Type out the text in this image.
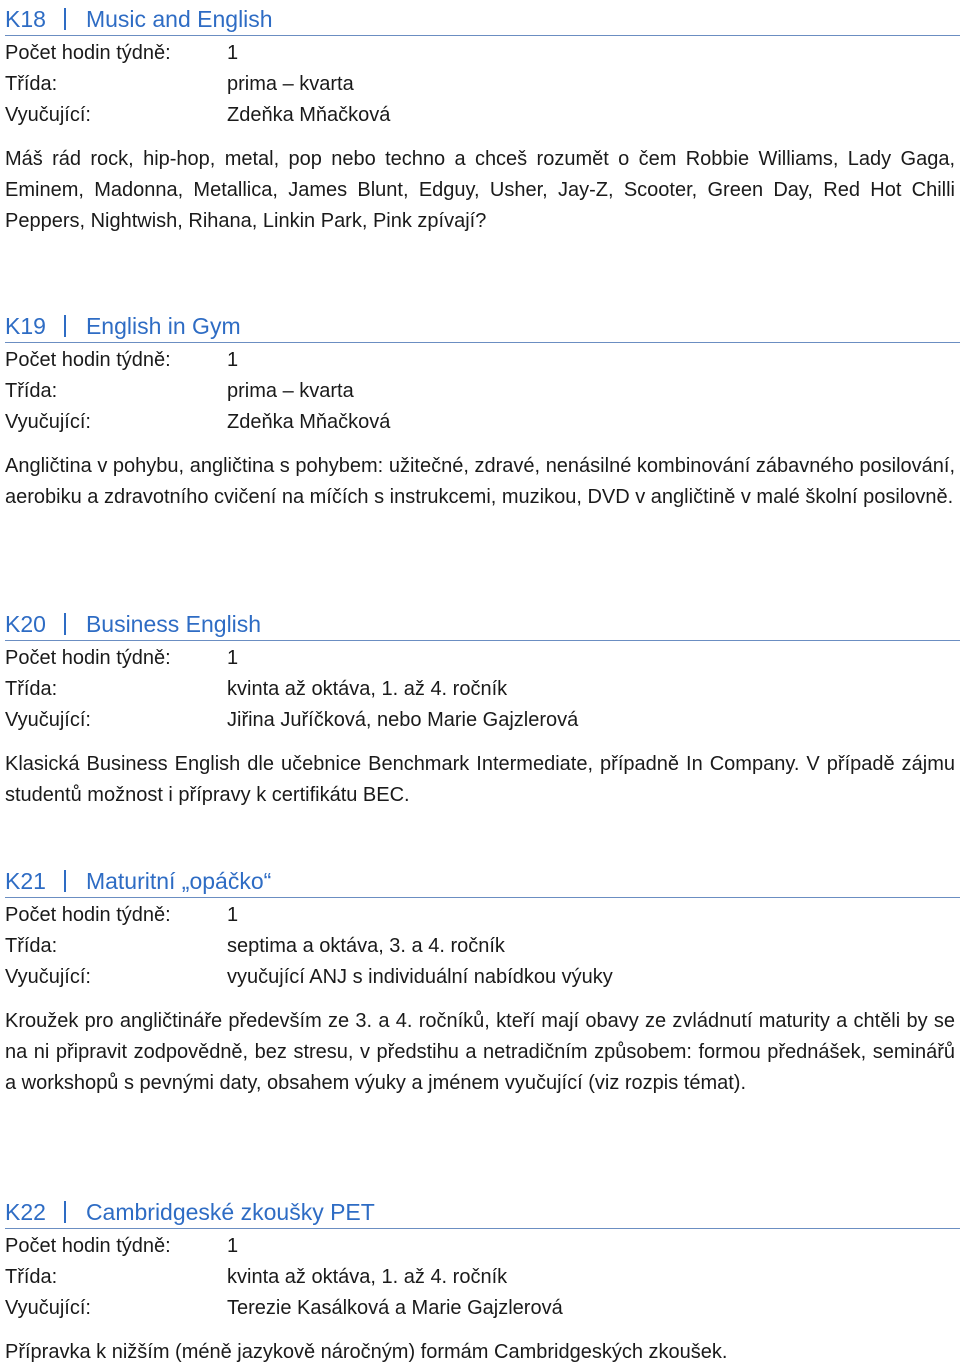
K18 Music and English
Počet hodin týdně:	1
Třída:	prima – kvarta
Vyučující:	Zdeňka Mňačková
Máš rád rock, hip-hop, metal, pop nebo techno a chceš rozumět o čem Robbie Williams, Lady Gaga, Eminem, Madonna, Metallica, James Blunt, Edguy, Usher, Jay-Z, Scooter, Green Day, Red Hot Chilli Peppers, Nightwish, Rihana, Linkin Park, Pink zpívají?
K19 English in Gym
Počet hodin týdně:	1
Třída:	prima – kvarta
Vyučující:	Zdeňka Mňačková
Angličtina v pohybu, angličtina s pohybem: užitečné, zdravé, nenásilné kombinování zábavného posilování, aerobiku a zdravotního cvičení na míčích s instrukcemi, muzikou, DVD v angličtině v malé školní posilovně.
K20 Business English
Počet hodin týdně:	1
Třída:	kvinta až oktáva, 1. až 4. ročník
Vyučující:	Jiřina Juříčková, nebo Marie Gajzlerová
Klasická Business English dle učebnice Benchmark Intermediate, případně In Company. V případě zájmu studentů možnost i přípravy k certifikátu BEC.
K21 Maturitní „opáčko“
Počet hodin týdně:	1
Třída:	septima a oktáva, 3. a 4. ročník
Vyučující:	vyučující ANJ s individuální nabídkou výuky
Kroužek pro angličtináře především ze 3. a 4. ročníků, kteří mají obavy ze zvládnutí maturity a chtěli by se na ni připravit zodpovědně, bez stresu, v předstihu a netradičním způsobem: formou přednášek, seminářů a workshopů s pevnými daty, obsahem výuky a jménem vyučující (viz rozpis témat).
K22 Cambridgeské zkoušky PET
Počet hodin týdně:	1
Třída:	kvinta až oktáva, 1. až 4. ročník
Vyučující:	Terezie Kasálková a Marie Gajzlerová
Přípravka k nižším (méně jazykově náročným) formám Cambridgeských zkoušek.
